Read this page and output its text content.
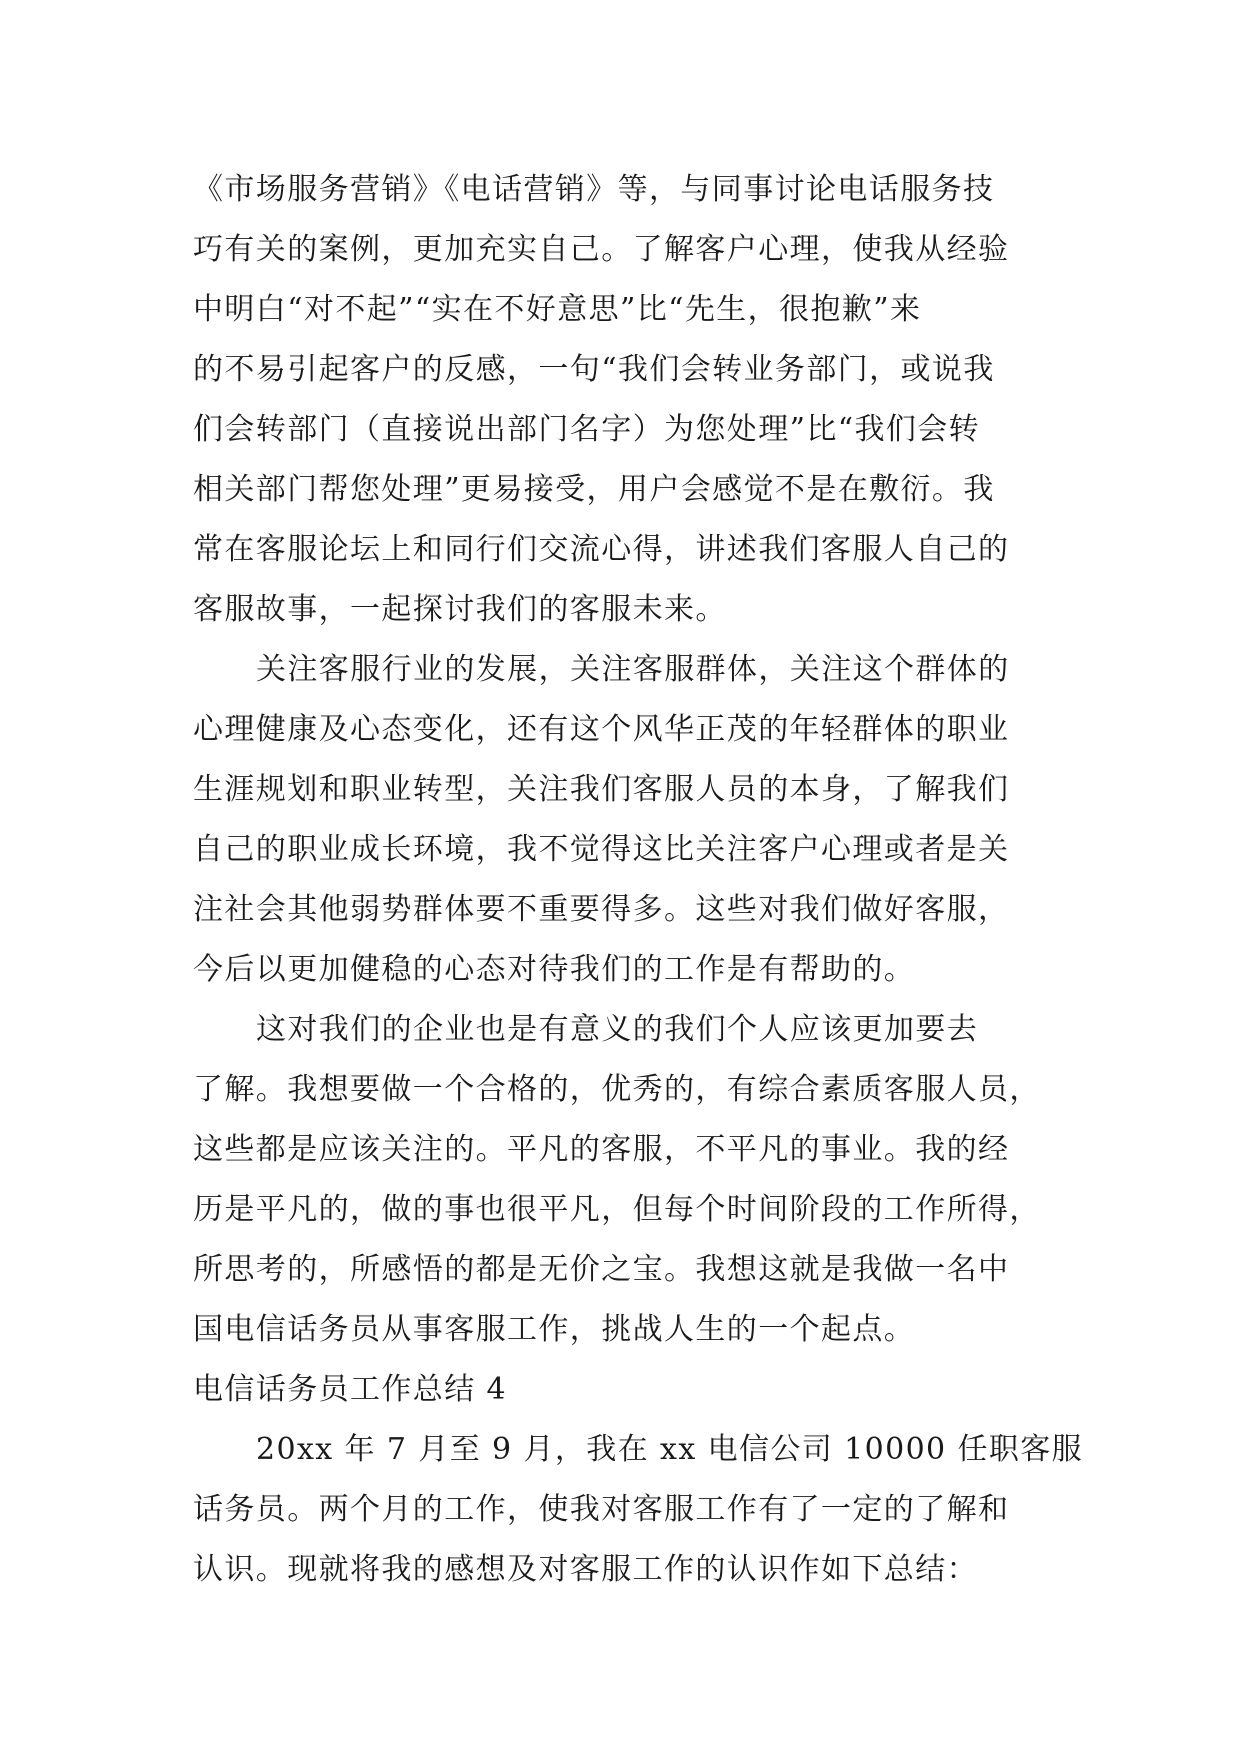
《市场服务营销》《电话营销》等，与同事讨论电话服务技
巧有关的案例，更加充实自己。了解客户心理，使我从经验
中明白“对不起”“实在不好意思”比“先生，很抱歉”来
的不易引起客户的反感，一句“我们会转业务部门，或说我
们会转部门（直接说出部门名字）为您处理”比“我们会转
相关部门帮您处理”更易接受，用户会感觉不是在敷衍。我
常在客服论坛上和同行们交流心得，讲述我们客服人自己的
客服故事，一起探讨我们的客服未来。
关注客服行业的发展，关注客服群体，关注这个群体的
心理健康及心态变化，还有这个风华正茂的年轻群体的职业
生涯规划和职业转型，关注我们客服人员的本身，了解我们
自己的职业成长环境，我不觉得这比关注客户心理或者是关
注社会其他弱势群体要不重要得多。这些对我们做好客服，
今后以更加健稳的心态对待我们的工作是有帮助的。
这对我们的企业也是有意义的我们个人应该更加要去
了解。我想要做一个合格的，优秀的，有综合素质客服人员，
这些都是应该关注的。平凡的客服，不平凡的事业。我的经
历是平凡的，做的事也很平凡，但每个时间阶段的工作所得，
所思考的，所感悟的都是无价之宝。我想这就是我做一名中
国电信话务员从事客服工作，挑战人生的一个起点。
电信话务员工作总结 4
20xx 年 7 月至 9 月，我在 xx 电信公司 10000 任职客服
话务员。两个月的工作，使我对客服工作有了一定的了解和
认识。现就将我的感想及对客服工作的认识作如下总结：
